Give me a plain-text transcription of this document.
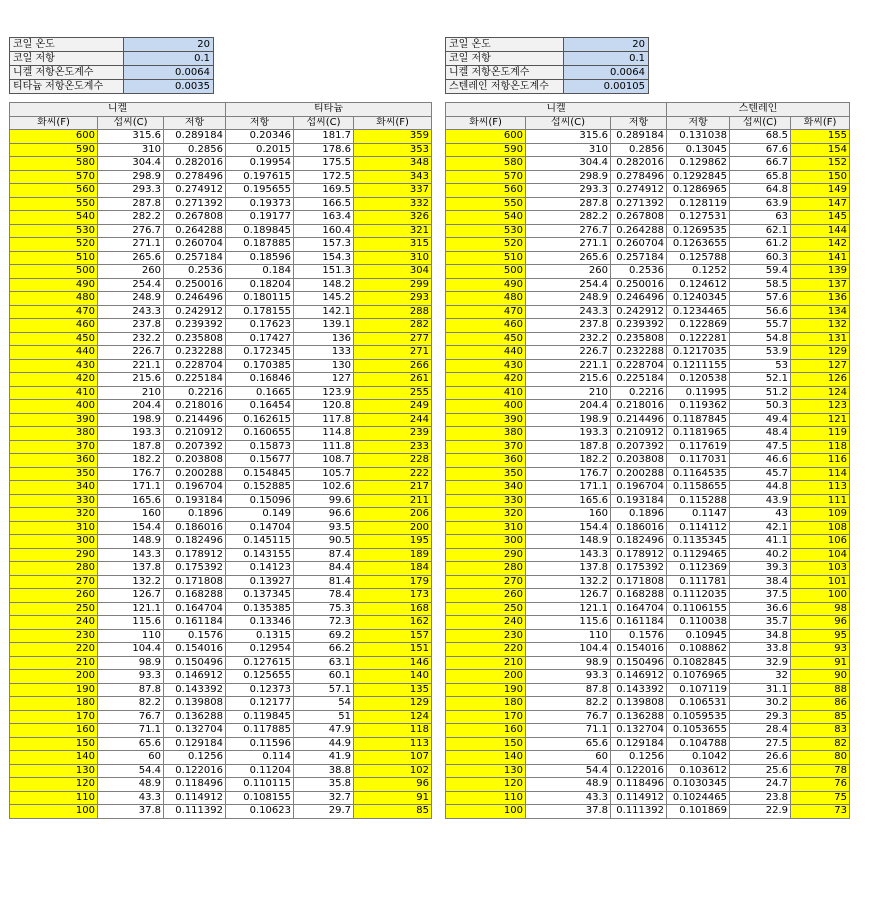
코일 온도	20
코일 저항	0.1
니켈 저항온도계수	0.0064
티타늄 저항온도계수	0.0035
코일 온도	20
코일 저항	0.1
니켈 저항온도계수	0.0064
스텐레인 저항온도계수	0.00105
니켈			티타늄		
화씨(F)	섭씨(C)	저항	저항	섭씨(C)	화씨(F)
600	315.6	0.289184	0.20346	181.7	359
590	310	0.2856	0.2015	178.6	353
580	304.4	0.282016	0.19954	175.5	348
570	298.9	0.278496	0.197615	172.5	343
560	293.3	0.274912	0.195655	169.5	337
550	287.8	0.271392	0.19373	166.5	332
540	282.2	0.267808	0.19177	163.4	326
530	276.7	0.264288	0.189845	160.4	321
520	271.1	0.260704	0.187885	157.3	315
510	265.6	0.257184	0.18596	154.3	310
500	260	0.2536	0.184	151.3	304
490	254.4	0.250016	0.18204	148.2	299
480	248.9	0.246496	0.180115	145.2	293
470	243.3	0.242912	0.178155	142.1	288
460	237.8	0.239392	0.17623	139.1	282
450	232.2	0.235808	0.17427	136	277
440	226.7	0.232288	0.172345	133	271
430	221.1	0.228704	0.170385	130	266
420	215.6	0.225184	0.16846	127	261
410	210	0.2216	0.1665	123.9	255
400	204.4	0.218016	0.16454	120.8	249
390	198.9	0.214496	0.162615	117.8	244
380	193.3	0.210912	0.160655	114.8	239
370	187.8	0.207392	0.15873	111.8	233
360	182.2	0.203808	0.15677	108.7	228
350	176.7	0.200288	0.154845	105.7	222
340	171.1	0.196704	0.152885	102.6	217
330	165.6	0.193184	0.15096	99.6	211
320	160	0.1896	0.149	96.6	206
310	154.4	0.186016	0.14704	93.5	200
300	148.9	0.182496	0.145115	90.5	195
290	143.3	0.178912	0.143155	87.4	189
280	137.8	0.175392	0.14123	84.4	184
270	132.2	0.171808	0.13927	81.4	179
260	126.7	0.168288	0.137345	78.4	173
250	121.1	0.164704	0.135385	75.3	168
240	115.6	0.161184	0.13346	72.3	162
230	110	0.1576	0.1315	69.2	157
220	104.4	0.154016	0.12954	66.2	151
210	98.9	0.150496	0.127615	63.1	146
200	93.3	0.146912	0.125655	60.1	140
190	87.8	0.143392	0.12373	57.1	135
180	82.2	0.139808	0.12177	54	129
170	76.7	0.136288	0.119845	51	124
160	71.1	0.132704	0.117885	47.9	118
150	65.6	0.129184	0.11596	44.9	113
140	60	0.1256	0.114	41.9	107
130	54.4	0.122016	0.11204	38.8	102
120	48.9	0.118496	0.110115	35.8	96
110	43.3	0.114912	0.108155	32.7	91
100	37.8	0.111392	0.10623	29.7	85
니켈			스텐레인		
화씨(F)	섭씨(C)	저항	저항	섭씨(C)	화씨(F)
600	315.6	0.289184	0.131038	68.5	155
590	310	0.2856	0.13045	67.6	154
580	304.4	0.282016	0.129862	66.7	152
570	298.9	0.278496	0.1292845	65.8	150
560	293.3	0.274912	0.1286965	64.8	149
550	287.8	0.271392	0.128119	63.9	147
540	282.2	0.267808	0.127531	63	145
530	276.7	0.264288	0.1269535	62.1	144
520	271.1	0.260704	0.1263655	61.2	142
510	265.6	0.257184	0.125788	60.3	141
500	260	0.2536	0.1252	59.4	139
490	254.4	0.250016	0.124612	58.5	137
480	248.9	0.246496	0.1240345	57.6	136
470	243.3	0.242912	0.1234465	56.6	134
460	237.8	0.239392	0.122869	55.7	132
450	232.2	0.235808	0.122281	54.8	131
440	226.7	0.232288	0.1217035	53.9	129
430	221.1	0.228704	0.1211155	53	127
420	215.6	0.225184	0.120538	52.1	126
410	210	0.2216	0.11995	51.2	124
400	204.4	0.218016	0.119362	50.3	123
390	198.9	0.214496	0.1187845	49.4	121
380	193.3	0.210912	0.1181965	48.4	119
370	187.8	0.207392	0.117619	47.5	118
360	182.2	0.203808	0.117031	46.6	116
350	176.7	0.200288	0.1164535	45.7	114
340	171.1	0.196704	0.1158655	44.8	113
330	165.6	0.193184	0.115288	43.9	111
320	160	0.1896	0.1147	43	109
310	154.4	0.186016	0.114112	42.1	108
300	148.9	0.182496	0.1135345	41.1	106
290	143.3	0.178912	0.1129465	40.2	104
280	137.8	0.175392	0.112369	39.3	103
270	132.2	0.171808	0.111781	38.4	101
260	126.7	0.168288	0.1112035	37.5	100
250	121.1	0.164704	0.1106155	36.6	98
240	115.6	0.161184	0.110038	35.7	96
230	110	0.1576	0.10945	34.8	95
220	104.4	0.154016	0.108862	33.8	93
210	98.9	0.150496	0.1082845	32.9	91
200	93.3	0.146912	0.1076965	32	90
190	87.8	0.143392	0.107119	31.1	88
180	82.2	0.139808	0.106531	30.2	86
170	76.7	0.136288	0.1059535	29.3	85
160	71.1	0.132704	0.1053655	28.4	83
150	65.6	0.129184	0.104788	27.5	82
140	60	0.1256	0.1042	26.6	80
130	54.4	0.122016	0.103612	25.6	78
120	48.9	0.118496	0.1030345	24.7	76
110	43.3	0.114912	0.1024465	23.8	75
100	37.8	0.111392	0.101869	22.9	73
